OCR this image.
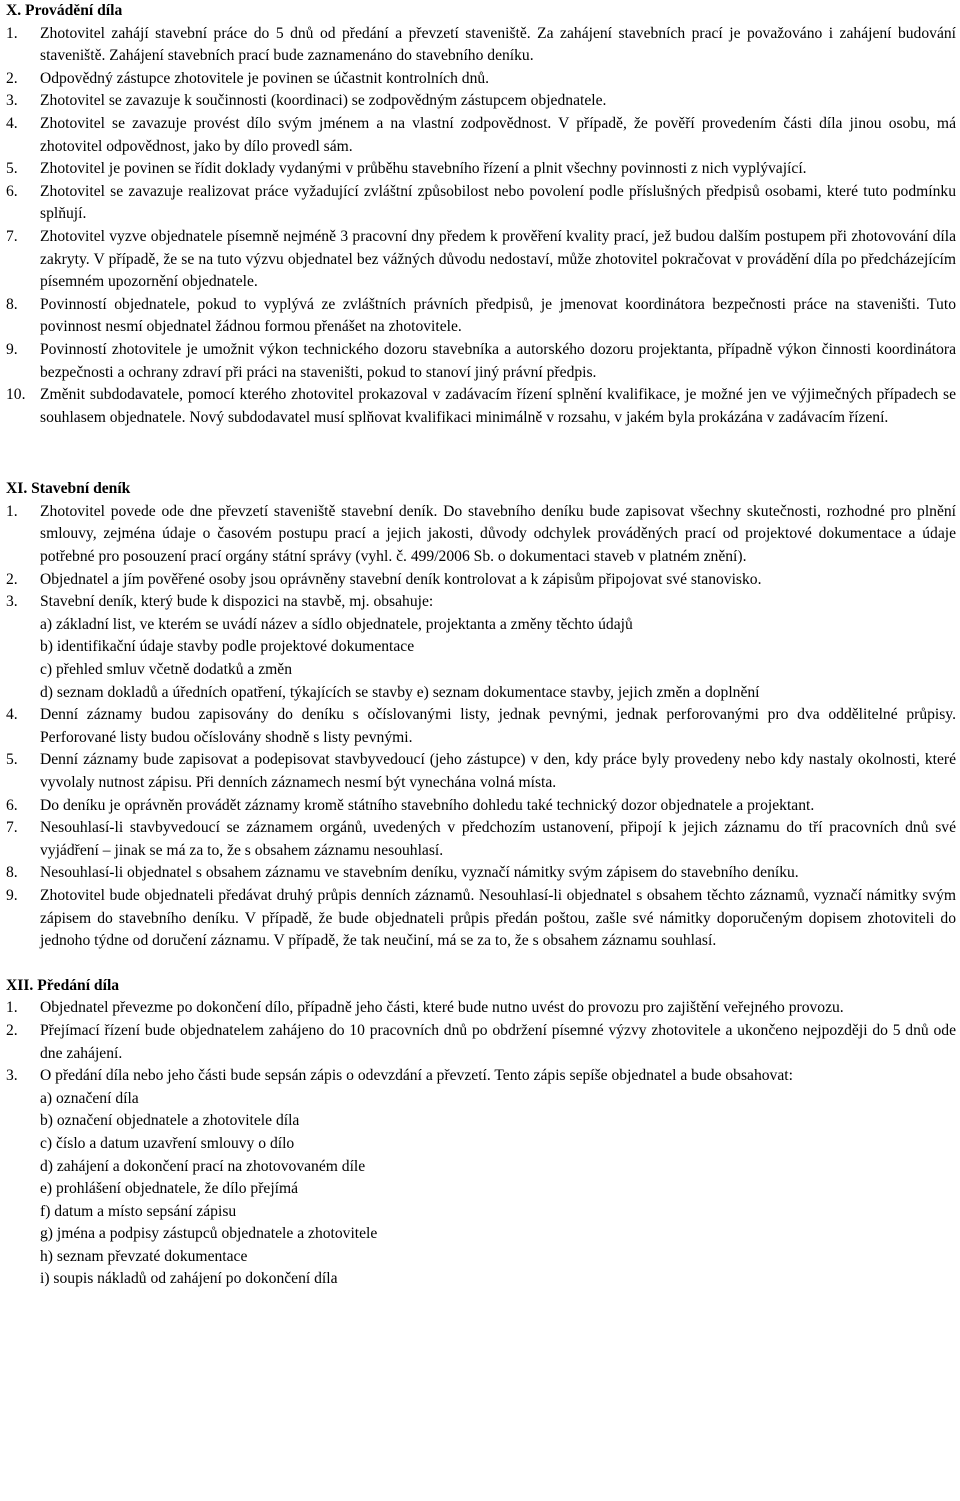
X. Provádění díla
1. Zhotovitel zahájí stavební práce do 5 dnů od předání a převzetí staveniště. Za zahájení stavebních prací je považováno i zahájení budování staveniště. Zahájení stavebních prací bude zaznamenáno do stavebního deníku.
2. Odpovědný zástupce zhotovitele je povinen se účastnit kontrolních dnů.
3. Zhotovitel se zavazuje k součinnosti (koordinaci) se zodpovědným zástupcem objednatele.
4. Zhotovitel se zavazuje provést dílo svým jménem a na vlastní zodpovědnost. V případě, že pověří provedením části díla jinou osobu, má zhotovitel odpovědnost, jako by dílo provedl sám.
5. Zhotovitel je povinen se řídit doklady vydanými v průběhu stavebního řízení a plnit všechny povinnosti z nich vyplývající.
6. Zhotovitel se zavazuje realizovat práce vyžadující zvláštní způsobilost nebo povolení podle příslušných předpisů osobami, které tuto podmínku splňují.
7. Zhotovitel vyzve objednatele písemně nejméně 3 pracovní dny předem k prověření kvality prací, jež budou dalším postupem při zhotovování díla zakryty. V případě, že se na tuto výzvu objednatel bez vážných důvodu nedostaví, může zhotovitel pokračovat v provádění díla po předcházejícím písemném upozornění objednatele.
8. Povinností objednatele, pokud to vyplývá ze zvláštních právních předpisů, je jmenovat koordinátora bezpečnosti práce na staveništi. Tuto povinnost nesmí objednatel žádnou formou přenášet na zhotovitele.
9. Povinností zhotovitele je umožnit výkon technického dozoru stavebníka a autorského dozoru projektanta, případně výkon činnosti koordinátora bezpečnosti a ochrany zdraví při práci na staveništi, pokud to stanoví jiný právní předpis.
10. Změnit subdodavatele, pomocí kterého zhotovitel prokazoval v zadávacím řízení splnění kvalifikace, je možné jen ve výjimečných případech se souhlasem objednatele. Nový subdodavatel musí splňovat kvalifikaci minimálně v rozsahu, v jakém byla prokázána v zadávacím řízení.
XI. Stavební deník
1. Zhotovitel povede ode dne převzetí staveniště stavební deník. Do stavebního deníku bude zapisovat všechny skutečnosti, rozhodné pro plnění smlouvy, zejména údaje o časovém postupu prací a jejich jakosti, důvody odchylek prováděných prací od projektové dokumentace a údaje potřebné pro posouzení prací orgány státní správy (vyhl. č. 499/2006 Sb. o dokumentaci staveb v platném znění).
2. Objednatel a jím pověřené osoby jsou oprávněny stavební deník kontrolovat a k zápisům připojovat své stanovisko.
3. Stavební deník, který bude k dispozici na stavbě, mj. obsahuje:
a) základní list, ve kterém se uvádí název a sídlo objednatele, projektanta a změny těchto údajů
b) identifikační údaje stavby podle projektové dokumentace
c) přehled smluv včetně dodatků a změn
d) seznam dokladů a úředních opatření, týkajících se stavby e) seznam dokumentace stavby, jejich změn a doplnění
4. Denní záznamy budou zapisovány do deníku s očíslovanými listy, jednak pevnými, jednak perforovanými pro dva oddělitelné průpisy. Perforované listy budou očíslovány shodně s listy pevnými.
5. Denní záznamy bude zapisovat a podepisovat stavbyvedoucí (jeho zástupce) v den, kdy práce byly provedeny nebo kdy nastaly okolnosti, které vyvolaly nutnost zápisu. Při denních záznamech nesmí být vynechána volná místa.
6. Do deníku je oprávněn provádět záznamy kromě státního stavebního dohledu také technický dozor objednatele a projektant.
7. Nesouhlasí-li stavbyvedoucí se záznamem orgánů, uvedených v předchozím ustanovení, připojí k jejich záznamu do tří pracovních dnů své vyjádření – jinak se má za to, že s obsahem záznamu nesouhlasí.
8. Nesouhlasí-li objednatel s obsahem záznamu ve stavebním deníku, vyznačí námitky svým zápisem do stavebního deníku.
9. Zhotovitel bude objednateli předávat druhý průpis denních záznamů. Nesouhlasí-li objednatel s obsahem těchto záznamů, vyznačí námitky svým zápisem do stavebního deníku. V případě, že bude objednateli průpis předán poštou, zašle své námitky doporučeným dopisem zhotoviteli do jednoho týdne od doručení záznamu. V případě, že tak neučiní, má se za to, že s obsahem záznamu souhlasí.
XII. Předání díla
1. Objednatel převezme po dokončení dílo, případně jeho části, které bude nutno uvést do provozu pro zajištění veřejného provozu.
2. Přejímací řízení bude objednatelem zahájeno do 10 pracovních dnů po obdržení písemné výzvy zhotovitele a ukončeno nejpozději do 5 dnů ode dne zahájení.
3. O předání díla nebo jeho části bude sepsán zápis o odevzdání a převzetí. Tento zápis sepíše objednatel a bude obsahovat:
a) označení díla
b) označení objednatele a zhotovitele díla
c) číslo a datum uzavření smlouvy o dílo
d) zahájení a dokončení prací na zhotovovaném díle
e) prohlášení objednatele, že dílo přejímá
f) datum a místo sepsání zápisu
g) jména a podpisy zástupců objednatele a zhotovitele
h) seznam převzaté dokumentace
i) soupis nákladů od zahájení po dokončení díla
